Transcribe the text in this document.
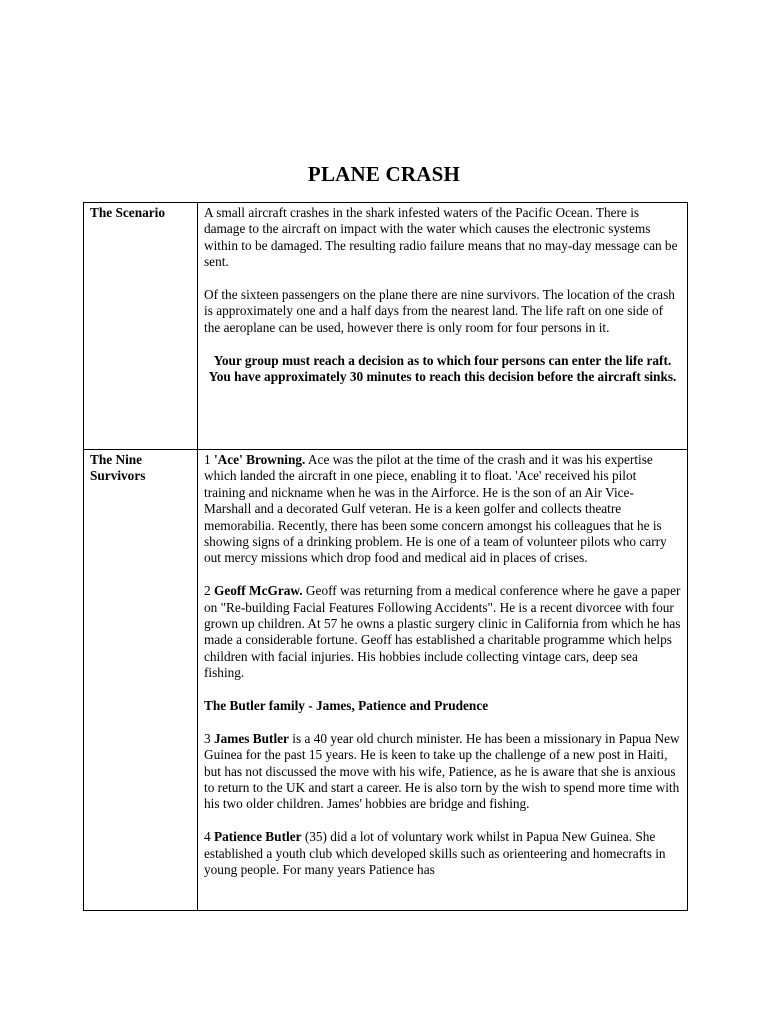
PLANE CRASH
The Scenario	A small aircraft crashes in the shark infested waters of the Pacific Ocean. There is damage to the aircraft on impact with the water which causes the electronic systems within to be damaged. The resulting radio failure means that no may-day message can be sent.

Of the sixteen passengers on the plane there are nine survivors. The location of the crash is approximately one and a half days from the nearest land. The life raft on one side of the aeroplane can be used, however there is only room for four persons in it.

Your group must reach a decision as to which four persons can enter the life raft. You have approximately 30 minutes to reach this decision before the aircraft sinks.

The Nine Survivors	1 'Ace' Browning. Ace was the pilot at the time of the crash and it was his expertise which landed the aircraft in one piece, enabling it to float. 'Ace' received his pilot training and nickname when he was in the Airforce. He is the son of an Air Vice-Marshall and a decorated Gulf veteran. He is a keen golfer and collects theatre memorabilia. Recently, there has been some concern amongst his colleagues that he is showing signs of a drinking problem. He is one of a team of volunteer pilots who carry out mercy missions which drop food and medical aid in places of crises.

2 Geoff McGraw. Geoff was returning from a medical conference where he gave a paper on "Re-building Facial Features Following Accidents". He is a recent divorcee with four grown up children. At 57 he owns a plastic surgery clinic in California from which he has made a considerable fortune. Geoff has established a charitable programme which helps children with facial injuries. His hobbies include collecting vintage cars, deep sea fishing.

The Butler family - James, Patience and Prudence

3 James Butler is a 40 year old church minister. He has been a missionary in Papua New Guinea for the past 15 years. He is keen to take up the challenge of a new post in Haiti, but has not discussed the move with his wife, Patience, as he is aware that she is anxious to return to the UK and start a career. He is also torn by the wish to spend more time with his two older children. James' hobbies are bridge and fishing.

4 Patience Butler (35) did a lot of voluntary work whilst in Papua New Guinea. She established a youth club which developed skills such as orienteering and homecrafts in young people. For many years Patience has
